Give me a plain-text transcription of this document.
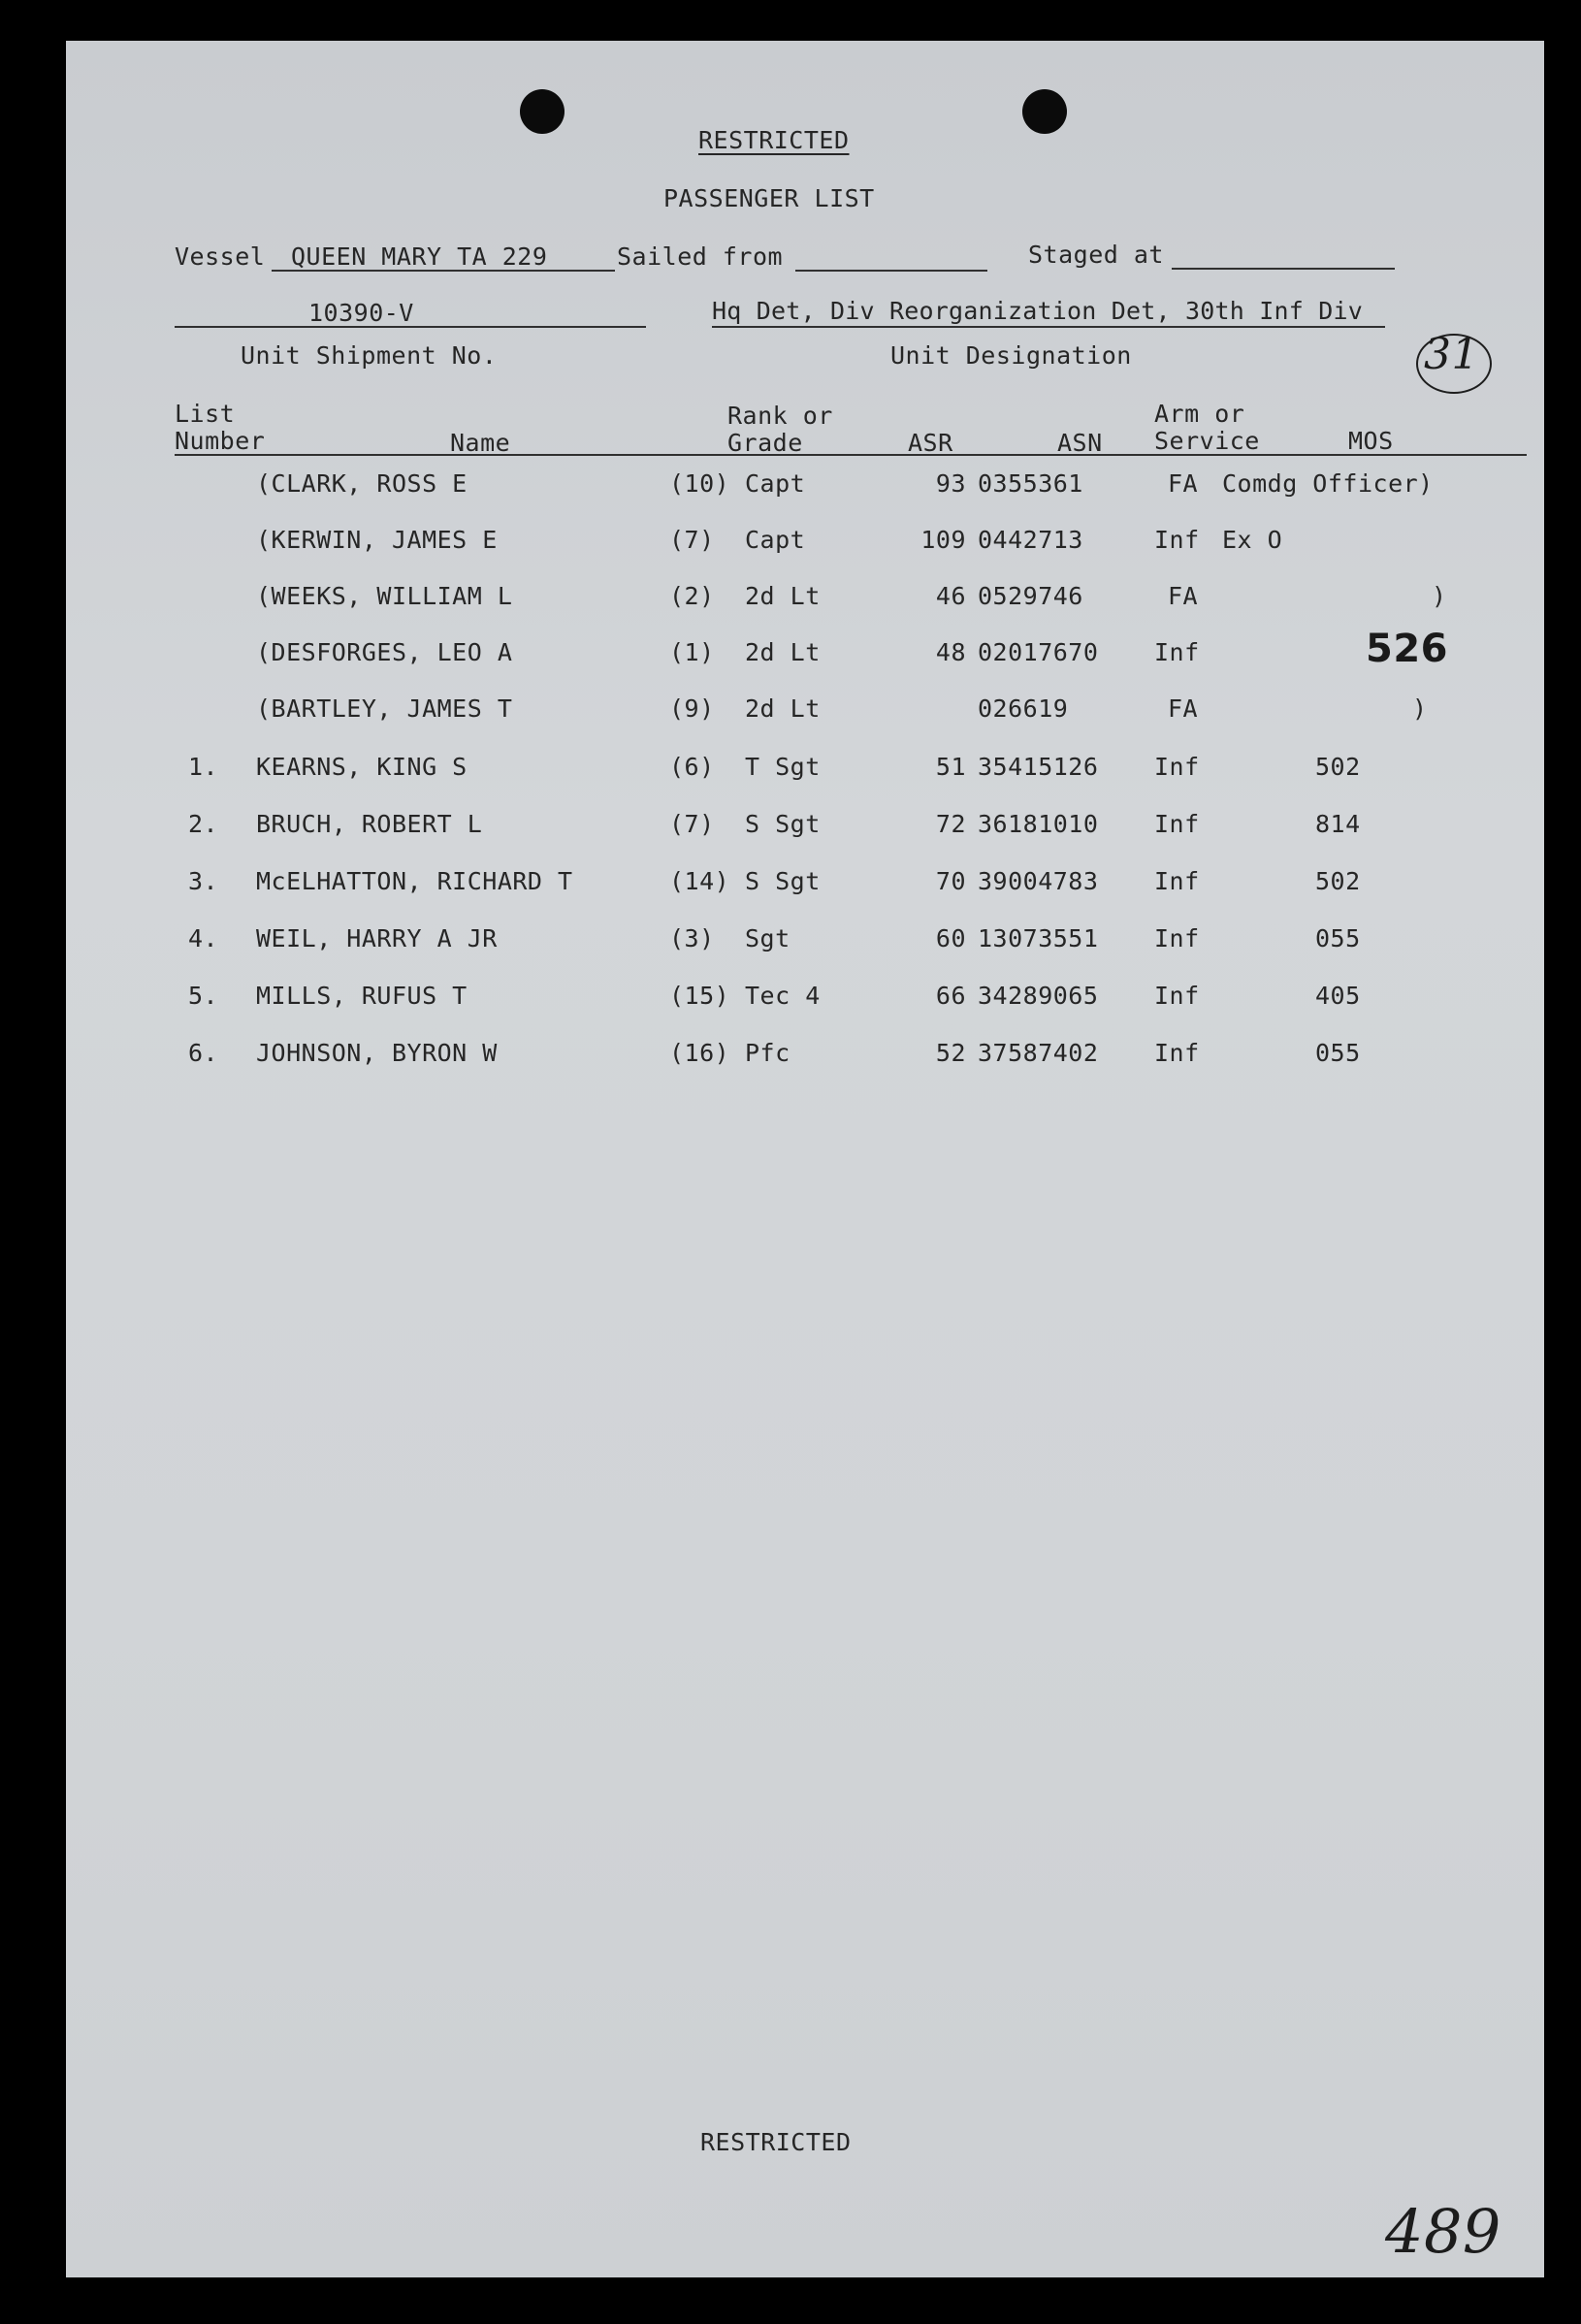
RESTRICTED
PASSENGER LIST
Vessel QUEEN MARY TA 229	Sailed from	Staged at
10390-V	Hq Det, Div Reorganization Det, 30th Inf Div
Unit Shipment No.	Unit Designation	31
List
Number	Name
Rank or
Grade	ASR	ASN
Arm or
Service	MOS
(CLARK, ROSS E	(10) Capt	93 0355361	FA Comdg Officer)
(KERWIN, JAMES E	(7) Capt	109 0442713	Inf Ex O
(WEEKS, WILLIAM L	(2) 2d Lt	46 0529746	FA	)
(DESFORGES, LEO A	(1) 2d Lt	48 02017670 Inf	526
(BARTLEY, JAMES T	(9) 2d Lt	026619	FA	)
1. KEARNS, KING S	(6) T Sgt	51 35415126 Inf	502
2. BRUCH, ROBERT L	(7) S Sgt	72 36181010 Inf	814
3. McELHATTON, RICHARD T	(14) S Sgt	70 39004783 Inf	502
4. WEIL, HARRY A JR	(3) Sgt	60 13073551 Inf	055
5. MILLS, RUFUS T	(15) Tec 4	66 34289065 Inf	405
6. JOHNSON, BYRON W	(16) Pfc	52 37587402 Inf	055
RESTRICTED
489
